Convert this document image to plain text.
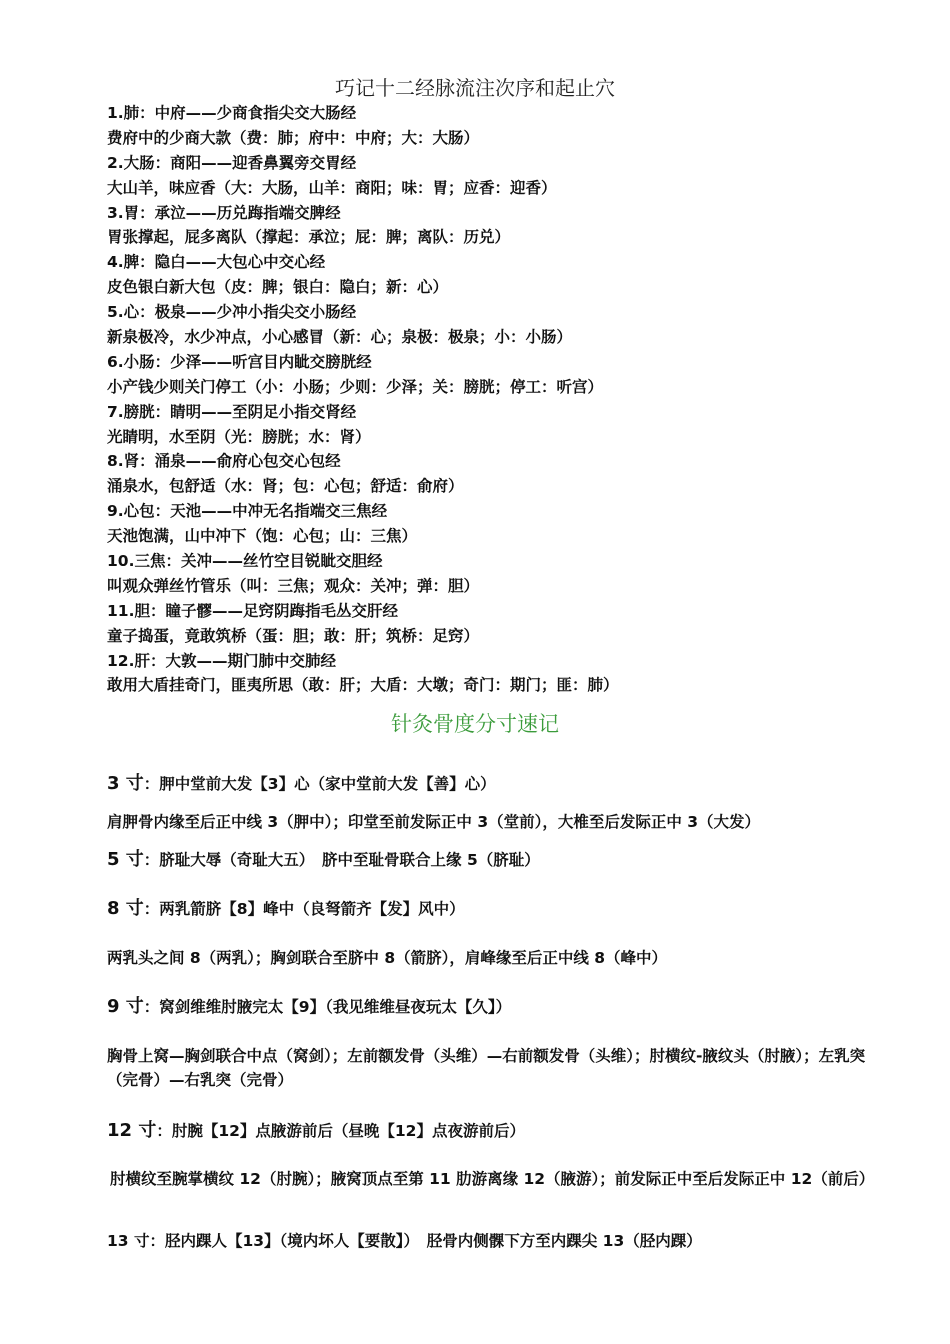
巧记十二经脉流注次序和起止穴
1.肺：中府——少商食指尖交大肠经
费府中的少商大款（费：肺；府中：中府；大：大肠）
2.大肠：商阳——迎香鼻翼旁交胃经
大山羊，味应香（大：大肠，山羊：商阳；味：胃；应香：迎香）
3.胃：承泣——历兑踇指端交脾经
胃张撑起，屁多离队（撑起：承泣；屁：脾；离队：历兑）
4.脾：隐白——大包心中交心经
皮色银白新大包（皮：脾；银白：隐白；新：心）
5.心：极泉——少冲小指尖交小肠经
新泉极冷，水少冲点，小心感冒（新：心；泉极：极泉；小：小肠）
6.小肠：少泽——听宫目内眦交膀胱经
小产钱少则关门停工（小：小肠；少则：少泽；关：膀胱；停工：听宫）
7.膀胱：睛明——至阴足小指交肾经
光睛明，水至阴（光：膀胱；水：肾）
8.肾：涌泉——俞府心包交心包经
涌泉水，包舒适（水：肾；包：心包；舒适：俞府）
9.心包：天池——中冲无名指端交三焦经
天池饱满，山中冲下（饱：心包；山：三焦）
10.三焦：关冲——丝竹空目锐眦交胆经
叫观众弹丝竹管乐（叫：三焦；观众：关冲；弹：胆）
11.胆：瞳子髎——足窍阴踇指毛丛交肝经
童子捣蛋，竟敢筑桥（蛋：胆；敢：肝；筑桥：足窍）
12.肝：大敦——期门肺中交肺经
敢用大盾挂奇门，匪夷所思（敢：肝；大盾：大墩；奇门：期门；匪：肺）
针灸骨度分寸速记
3 寸：胛中堂前大发【3】心（家中堂前大发【善】心）
肩胛骨内缘至后正中线 3（胛中）；印堂至前发际正中 3（堂前），大椎至后发际正中 3（大发）
5 寸：脐耻大辱（奇耻大五）　脐中至耻骨联合上缘 5（脐耻）
8 寸：两乳箭脐【8】峰中（良弩箭齐【发】风中）
两乳头之间 8（两乳）；胸剑联合至脐中 8（箭脐），肩峰缘至后正中线 8（峰中）
9 寸：窝剑维维肘腋完太【9】（我见维维昼夜玩太【久】）
胸骨上窝—胸剑联合中点（窝剑）；左前额发骨（头维）—右前额发骨（头维）；肘横纹-腋纹头（肘腋）；左乳突（完骨）—右乳突（完骨）
12 寸：肘腕【12】点腋游前后（昼晚【12】点夜游前后）
肘横纹至腕掌横纹 12（肘腕）；腋窝顶点至第 11 肋游离缘 12（腋游）；前发际正中至后发际正中 12（前后）
13 寸：胫内踝人【13】（境内坏人【要散】）　胫骨内侧髁下方至内踝尖 13（胫内踝）
